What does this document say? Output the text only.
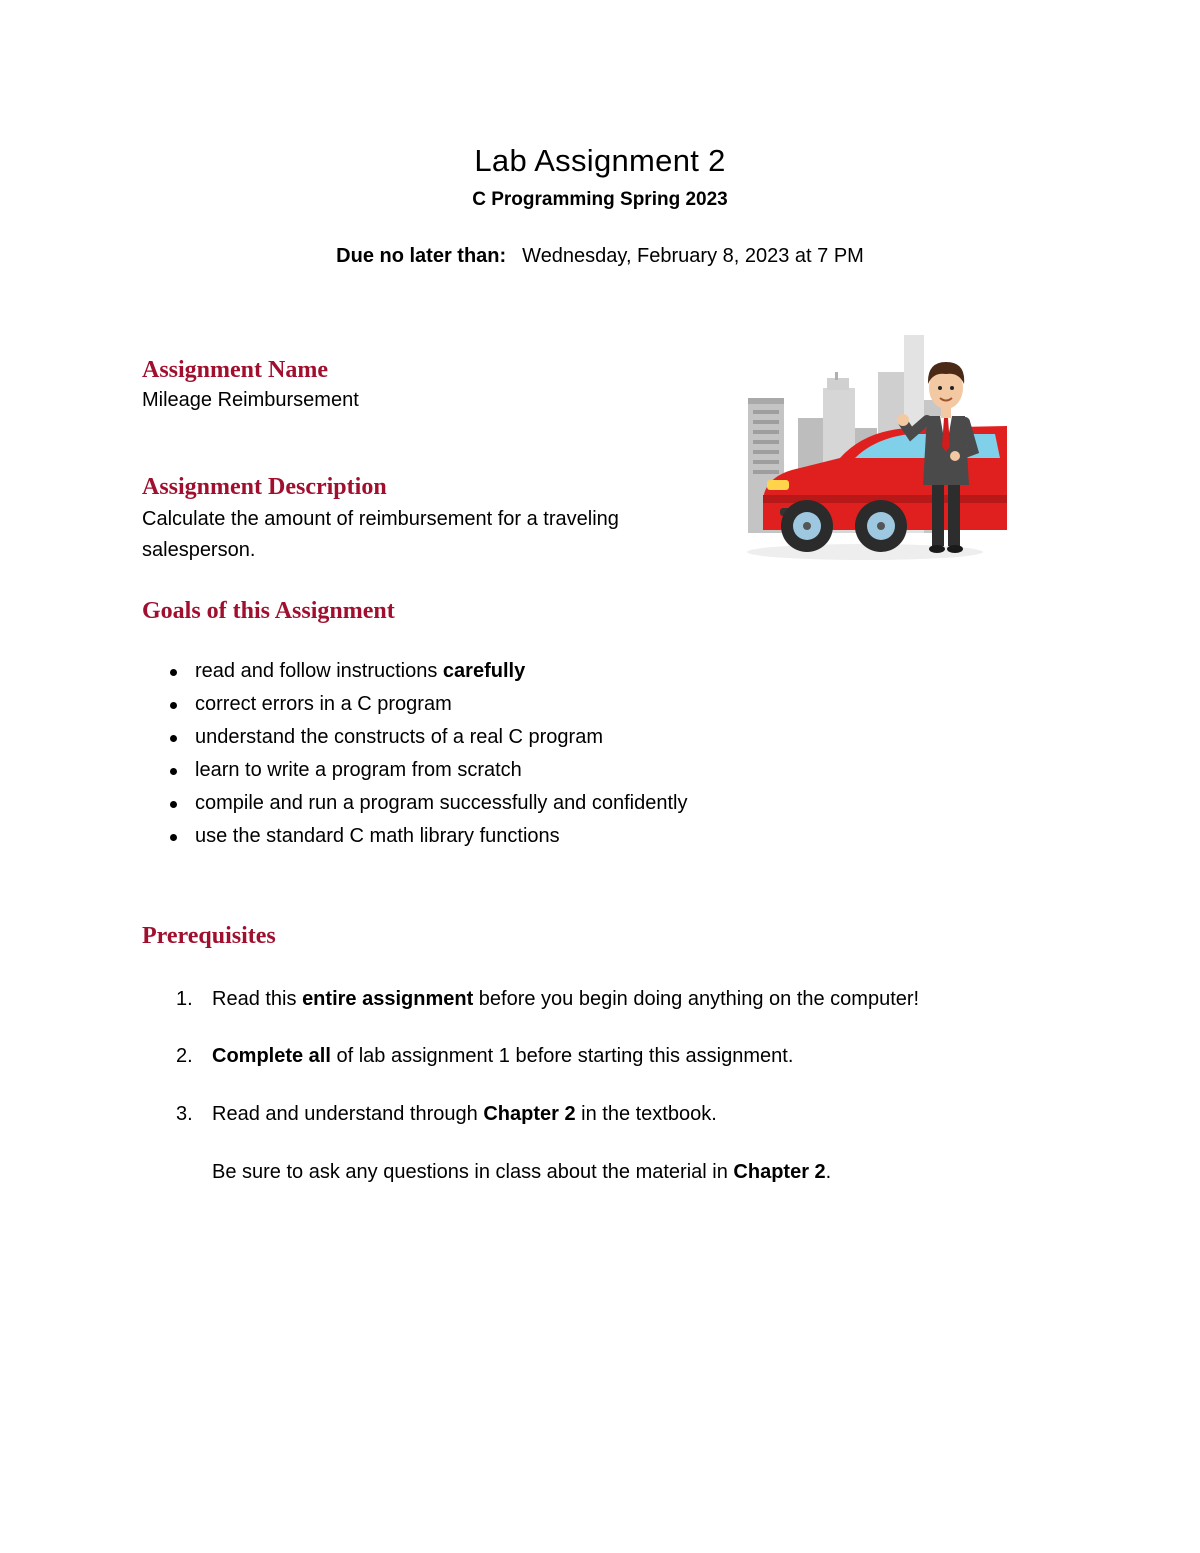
Lab Assignment 2
C Programming Spring 2023
Due no later than: Wednesday, February 8, 2023 at 7 PM
Assignment Name
Mileage Reimbursement
Assignment Description
Calculate the amount of reimbursement for a traveling
salesperson.
Goals of this Assignment
read and follow instructions carefully
correct errors in a C program
understand the constructs of a real C program
learn to write a program from scratch
compile and run a program successfully and confidently
use the standard C math library functions
Prerequisites
1. Read this entire assignment before you begin doing anything on the computer!
2. Complete all of lab assignment 1 before starting this assignment.
3. Read and understand through Chapter 2 in the textbook.
Be sure to ask any questions in class about the material in Chapter 2.
